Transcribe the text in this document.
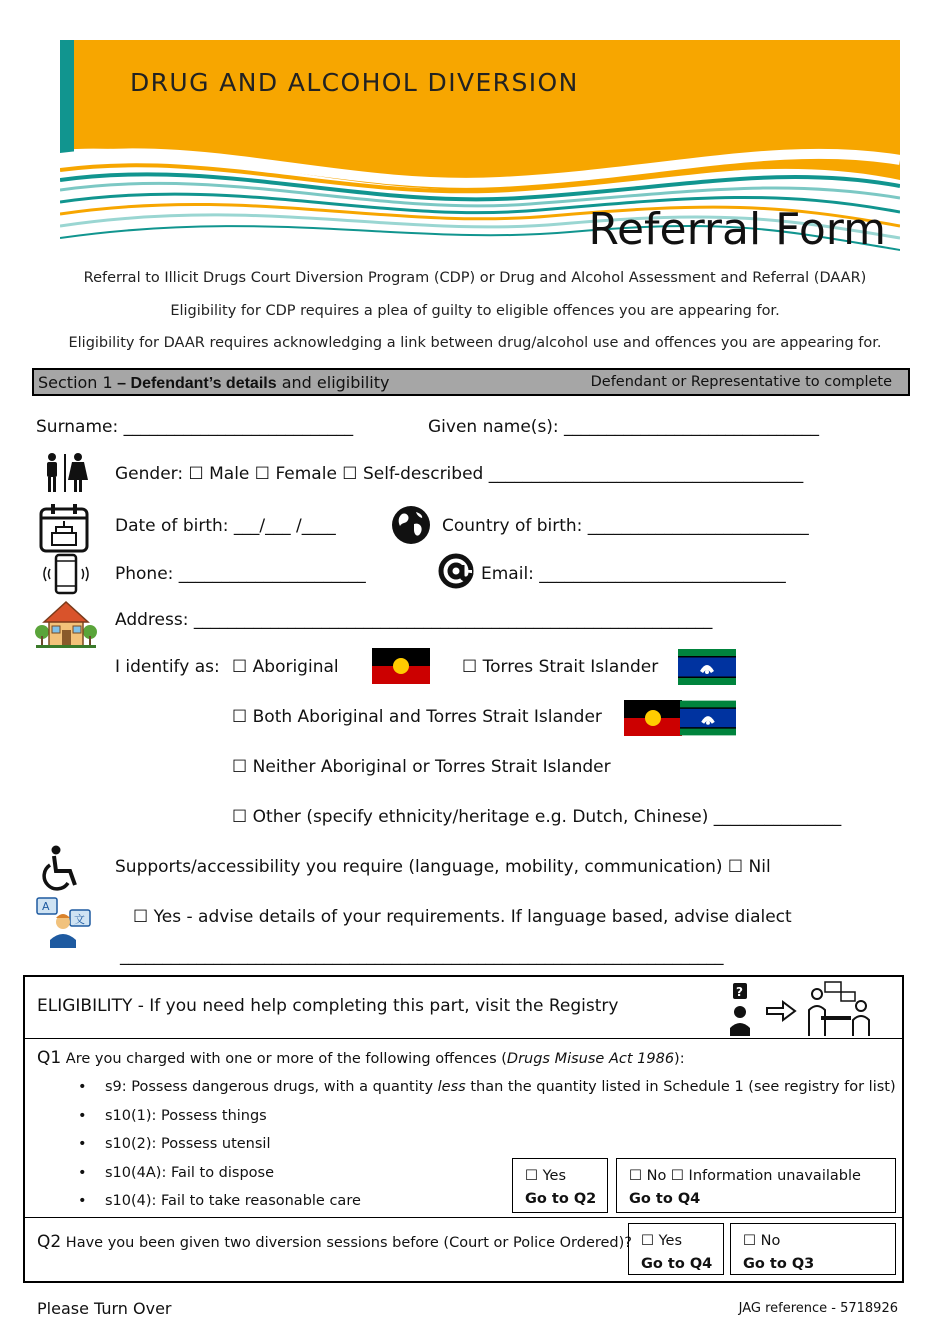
DRUG AND ALCOHOL DIVERSION
Referral Form
Referral to Illicit Drugs Court Diversion Program (CDP) or Drug and Alcohol Assessment and Referral (DAAR)
Eligibility for CDP requires a plea of guilty to eligible offences you are appearing for.
Eligibility for DAAR requires acknowledging a link between drug/alcohol use and offences you are appearing for.
Section 1 – Defendant’s details and eligibility	Defendant or Representative to complete
Surname: ___________________________	Given name(s): ______________________________
Gender: ☐ Male ☐ Female ☐ Self-described _____________________________________
Date of birth: ___/___ /____	Country of birth: __________________________
Phone: ______________________	Email: _____________________________
Address: _____________________________________________________________
I identify as: ☐ Aboriginal	☐ Torres Strait Islander
☐ Both Aboriginal and Torres Strait Islander
☐ Neither Aboriginal or Torres Strait Islander
☐ Other (specify ethnicity/heritage e.g. Dutch, Chinese) _______________
Supports/accessibility you require (language, mobility, communication) ☐ Nil
A
文	☐ Yes - advise details of your requirements. If language based, advise dialect
_______________________________________________________________________
ELIGIBILITY - If you need help completing this part, visit the Registry
?
Q1 Are you charged with one or more of the following offences (Drugs Misuse Act 1986):
• s9: Possess dangerous drugs, with a quantity less than the quantity listed in Schedule 1 (see registry for list)
• s10(1): Possess things
• s10(2): Possess utensil
• s10(4A): Fail to dispose
• s10(4): Fail to take reasonable care
☐ Yes
Go to Q2
☐ No ☐ Information unavailable
Go to Q4
Q2 Have you been given two diversion sessions before (Court or Police Ordered)? ☐ Yes
Go to Q4
☐ No
Go to Q3
Please Turn Over	JAG reference - 5718926
